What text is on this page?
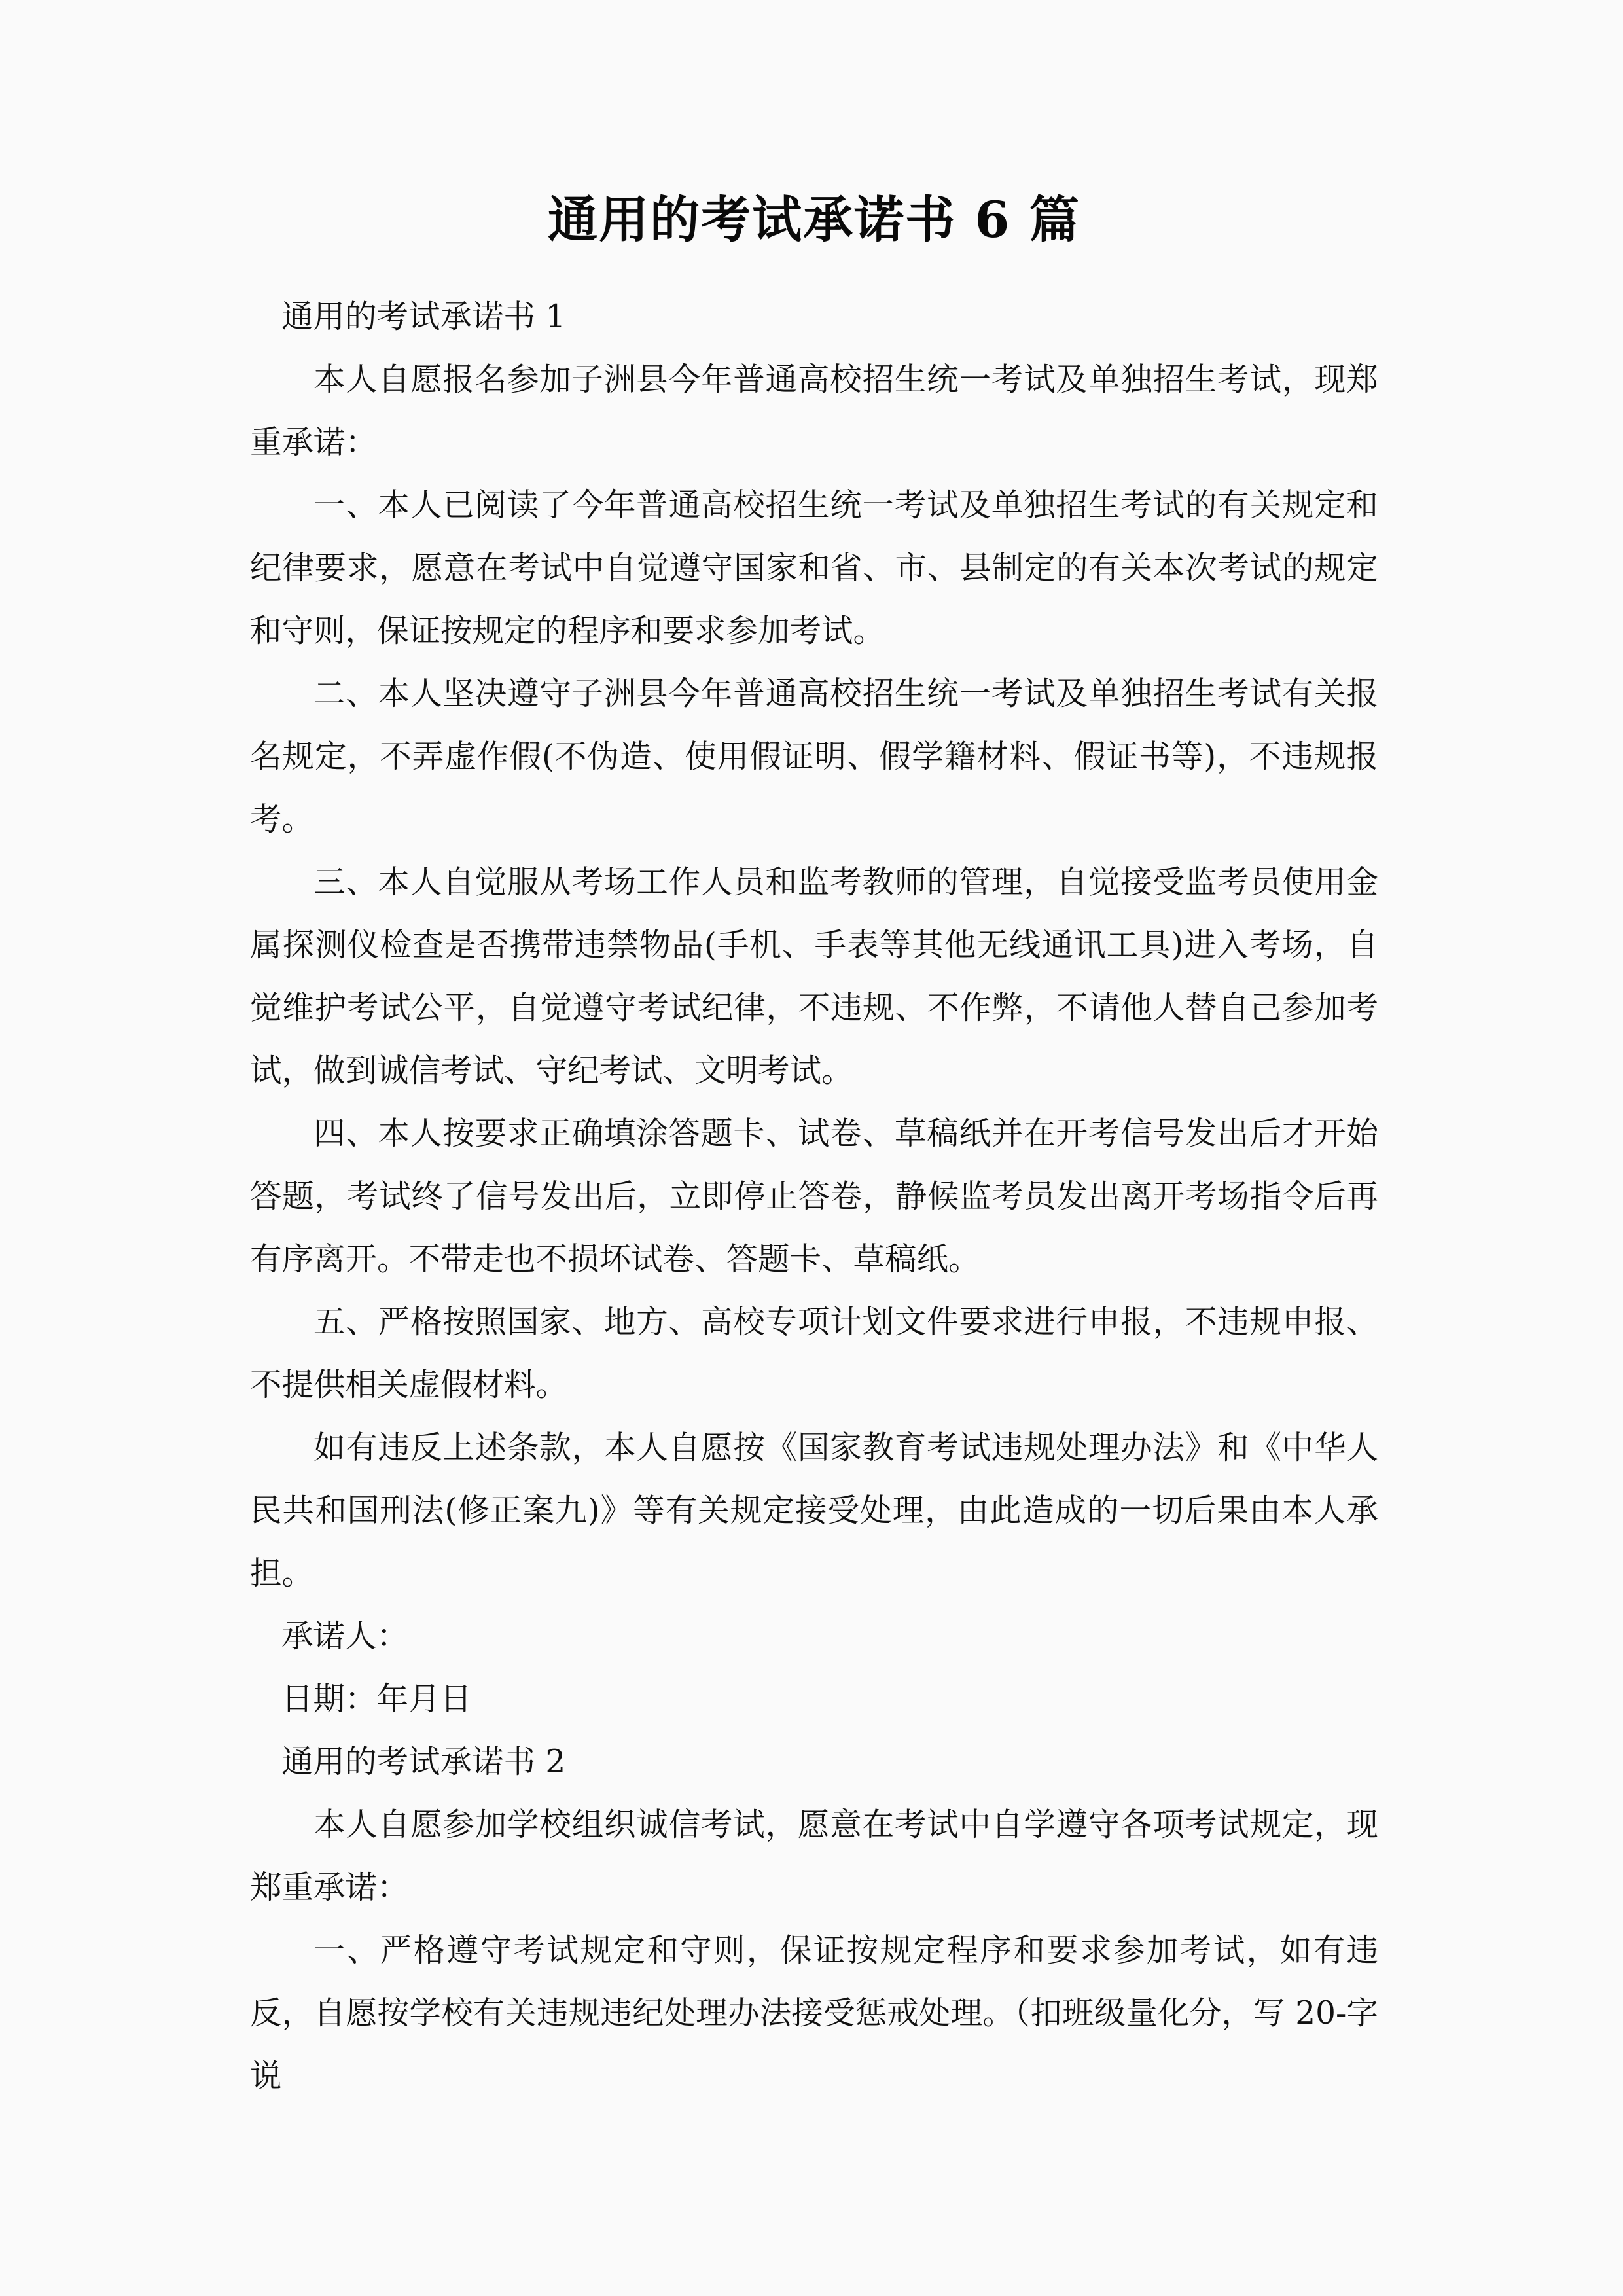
通用的考试承诺书 6 篇

通用的考试承诺书 1

本人自愿报名参加子洲县今年普通高校招生统一考试及单独招生考试，现郑重承诺：

一、本人已阅读了今年普通高校招生统一考试及单独招生考试的有关规定和纪律要求，愿意在考试中自觉遵守国家和省、市、县制定的有关本次考试的规定和守则，保证按规定的程序和要求参加考试。

二、本人坚决遵守子洲县今年普通高校招生统一考试及单独招生考试有关报名规定，不弄虚作假(不伪造、使用假证明、假学籍材料、假证书等)，不违规报考。

三、本人自觉服从考场工作人员和监考教师的管理，自觉接受监考员使用金属探测仪检查是否携带违禁物品(手机、手表等其他无线通讯工具)进入考场，自觉维护考试公平，自觉遵守考试纪律，不违规、不作弊，不请他人替自己参加考试，做到诚信考试、守纪考试、文明考试。

四、本人按要求正确填涂答题卡、试卷、草稿纸并在开考信号发出后才开始答题，考试终了信号发出后，立即停止答卷，静候监考员发出离开考场指令后再有序离开。不带走也不损坏试卷、答题卡、草稿纸。

五、严格按照国家、地方、高校专项计划文件要求进行申报，不违规申报、不提供相关虚假材料。

如有违反上述条款，本人自愿按《国家教育考试违规处理办法》和《中华人民共和国刑法(修正案九)》等有关规定接受处理，由此造成的一切后果由本人承担。

承诺人：

日期：年月日

通用的考试承诺书 2

本人自愿参加学校组织诚信考试，愿意在考试中自学遵守各项考试规定，现郑重承诺：

一、严格遵守考试规定和守则，保证按规定程序和要求参加考试，如有违反，自愿按学校有关违规违纪处理办法接受惩戒处理。（扣班级量化分，写 20-字说
